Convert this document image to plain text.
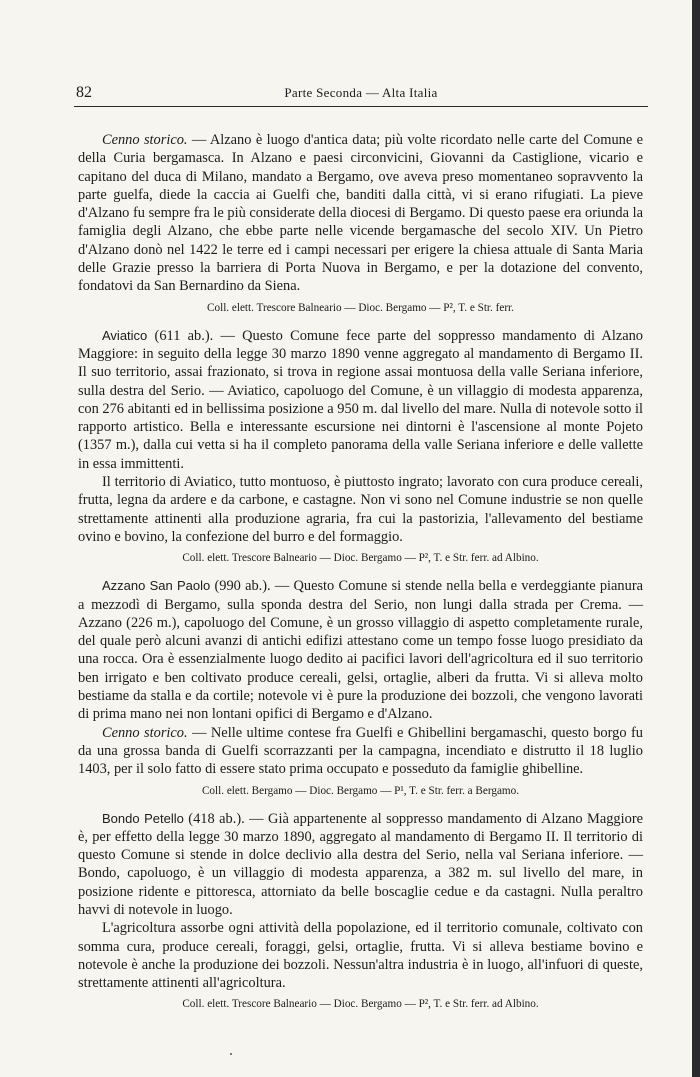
82	Parte Seconda — Alta Italia

Cenno storico. — Alzano è luogo d'antica data; più volte ricordato nelle carte del Comune e della Curia bergamasca. In Alzano e paesi circonvicini, Giovanni da Castiglione, vicario e capitano del duca di Milano, mandato a Bergamo, ove aveva preso momentaneo sopravvento la parte guelfa, diede la caccia ai Guelfi che, banditi dalla città, vi si erano rifugiati. La pieve d'Alzano fu sempre fra le più considerate della diocesi di Bergamo. Di questo paese era oriunda la famiglia degli Alzano, che ebbe parte nelle vicende bergamasche del secolo XIV. Un Pietro d'Alzano donò nel 1422 le terre ed i campi necessari per erigere la chiesa attuale di Santa Maria delle Grazie presso la barriera di Porta Nuova in Bergamo, e per la dotazione del convento, fondatovi da San Bernardino da Siena.

Coll. elett. Trescore Balneario — Dioc. Bergamo — P², T. e Str. ferr.

Aviatico (611 ab.). — Questo Comune fece parte del soppresso mandamento di Alzano Maggiore: in seguito della legge 30 marzo 1890 venne aggregato al mandamento di Bergamo II. Il suo territorio, assai frazionato, si trova in regione assai montuosa della valle Seriana inferiore, sulla destra del Serio. — Aviatico, capoluogo del Comune, è un villaggio di modesta apparenza, con 276 abitanti ed in bellissima posizione a 950 m. dal livello del mare. Nulla di notevole sotto il rapporto artistico. Bella e interessante escursione nei dintorni è l'ascensione al monte Pojeto (1357 m.), dalla cui vetta si ha il completo panorama della valle Seriana inferiore e delle vallette in essa immittenti.

Il territorio di Aviatico, tutto montuoso, è piuttosto ingrato; lavorato con cura produce cereali, frutta, legna da ardere e da carbone, e castagne. Non vi sono nel Comune industrie se non quelle strettamente attinenti alla produzione agraria, fra cui la pastorizia, l'allevamento del bestiame ovino e bovino, la confezione del burro e del formaggio.

Coll. elett. Trescore Balneario — Dioc. Bergamo — P², T. e Str. ferr. ad Albino.

Azzano San Paolo (990 ab.). — Questo Comune si stende nella bella e verdeggiante pianura a mezzodì di Bergamo, sulla sponda destra del Serio, non lungi dalla strada per Crema. — Azzano (226 m.), capoluogo del Comune, è un grosso villaggio di aspetto completamente rurale, del quale però alcuni avanzi di antichi edifizi attestano come un tempo fosse luogo presidiato da una rocca. Ora è essenzialmente luogo dedito ai pacifici lavori dell'agricoltura ed il suo territorio ben irrigato e ben coltivato produce cereali, gelsi, ortaglie, alberi da frutta. Vi si alleva molto bestiame da stalla e da cortile; notevole vi è pure la produzione dei bozzoli, che vengono lavorati di prima mano nei non lontani opifici di Bergamo e d'Alzano.

Cenno storico. — Nelle ultime contese fra Guelfi e Ghibellini bergamaschi, questo borgo fu da una grossa banda di Guelfi scorrazzanti per la campagna, incendiato e distrutto il 18 luglio 1403, per il solo fatto di essere stato prima occupato e posseduto da famiglie ghibelline.

Coll. elett. Bergamo — Dioc. Bergamo — P¹, T. e Str. ferr. a Bergamo.

Bondo Petello (418 ab.). — Già appartenente al soppresso mandamento di Alzano Maggiore è, per effetto della legge 30 marzo 1890, aggregato al mandamento di Bergamo II. Il territorio di questo Comune si stende in dolce declivio alla destra del Serio, nella val Seriana inferiore. — Bondo, capoluogo, è un villaggio di modesta apparenza, a 382 m. sul livello del mare, in posizione ridente e pittoresca, attorniato da belle boscaglie cedue e da castagni. Nulla peraltro havvi di notevole in luogo.

L'agricoltura assorbe ogni attività della popolazione, ed il territorio comunale, coltivato con somma cura, produce cereali, foraggi, gelsi, ortaglie, frutta. Vi si alleva bestiame bovino e notevole è anche la produzione dei bozzoli. Nessun'altra industria è in luogo, all'infuori di queste, strettamente attinenti all'agricoltura.

Coll. elett. Trescore Balneario — Dioc. Bergamo — P², T. e Str. ferr. ad Albino.
